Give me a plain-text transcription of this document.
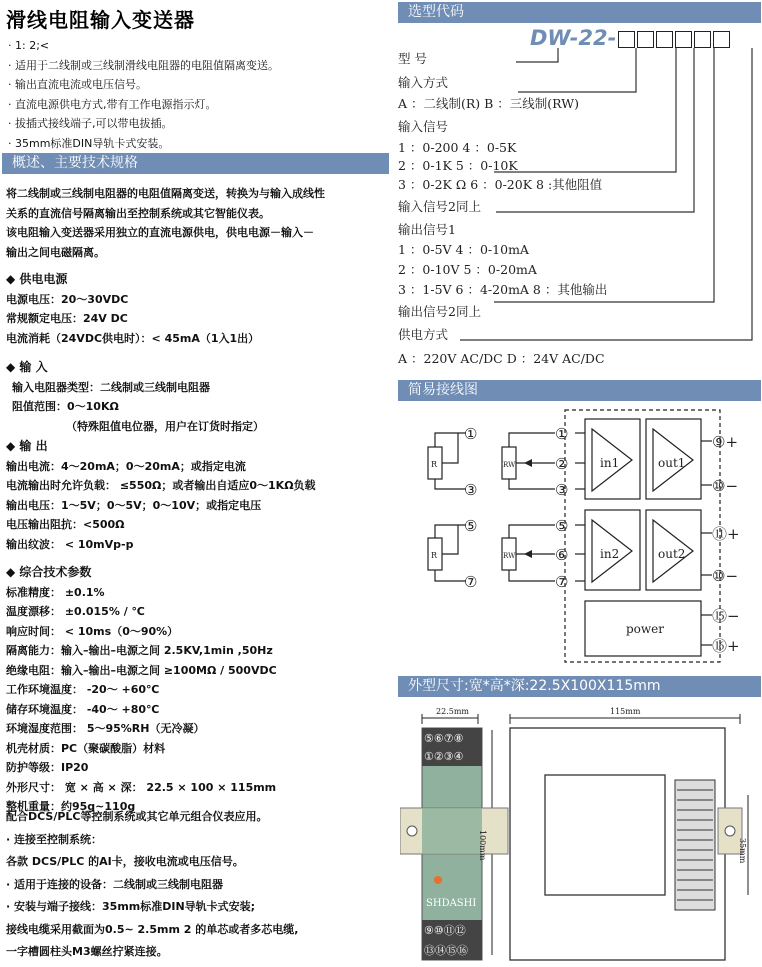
滑线电阻输入变送器
· 1: 2;<
· 适用于二线制或三线制滑线电阻器的电阻值隔离变送。
· 输出直流电流或电压信号。
· 直流电源供电方式,带有工作电源指示灯。
· 拔插式接线端子,可以带电拔插。
· 35mm标准DIN导轨卡式安装。
概述、主要技术规格
将二线制或三线制电阻器的电阻值隔离变送，转换为与输入成线性
关系的直流信号隔离输出至控制系统或其它智能仪表。
该电阻输入变送器采用独立的直流电源供电，供电电源－输入－
输出之间电磁隔离。
◆ 供电电源
电源电压：20～30VDC
常规额定电压：24V DC
电流消耗（24VDC供电时）：< 45mA（1入1出）
◆ 输 入
输入电阻器类型：二线制或三线制电阻器
阻值范围：0～10KΩ
（特殊阻值电位器，用户在订货时指定）
◆ 输 出
输出电流：4～20mA；0～20mA；或指定电流
电流输出时允许负载： ≤550Ω；或者输出自适应0～1KΩ负载
输出电压：1～5V；0～5V；0～10V；或指定电压
电压输出阻抗：<500Ω
输出纹波： < 10mVp-p
◆ 综合技术参数
标准精度： ±0.1%
温度漂移： ±0.015% / ℃
响应时间： < 10ms（0～90%）
隔离能力：输入–输出–电源之间 2.5KV,1min ,50Hz
绝缘电阻：输入–输出–电源之间 ≥100MΩ / 500VDC
工作环境温度： -20～ +60℃
储存环境温度： -40～ +80℃
环境湿度范围： 5～95%RH（无冷凝）
机壳材质：PC（聚碳酸脂）材料
防护等级：IP20
外形尺寸： 宽 × 高 × 深： 22.5 × 100 × 115mm
整机重量：约95g~110g
配合DCS/PLC等控制系统或其它单元组合仪表应用。
· 连接至控制系统：
各款 DCS/PLC 的AI卡，接收电流或电压信号。
· 适用于连接的设备：二线制或三线制电阻器
· 安装与端子接线：35mm标准DIN导轨卡式安装;
接线电缆采用截面为0.5~ 2.5mm 2 的单芯或者多芯电缆,
一字槽圆柱头M3螺丝拧紧连接。
选型代码
DW-22-
型 号
输入方式
A ：二线制(R) B ：三线制(RW)
输入信号
1 ：0-200 4 ：0-5K
2 ：0-1K 5 ：0-10K
3 ：0-2K Ω 6 ：0-20K 8 :其他阻值
输入信号2同上
输出信号1
1 ：0-5V 4 ：0-10mA
2 ：0-10V 5 ：0-20mA
3 ：1-5V 6 ：4-20mA 8 ：其他输出
输出信号2同上
供电方式
A ：220V AC/DC D ：24V AC/DC
简易接线图
R
R
RW
RW
①
③
⑤
⑦
①
②
③
⑤
⑥
⑦
⑨+
⑩−
⑪+
⑩−
⑮−
⑯+
in1	out1
in2	out2
power
外型尺寸:宽*高*深:22.5X100X115mm
22.5mm	115mm
100mm	35mm
⑤⑥⑦⑧
①②③④
⑨⑩⑪⑫
⑬⑭⑮⑯
SHDASHI
